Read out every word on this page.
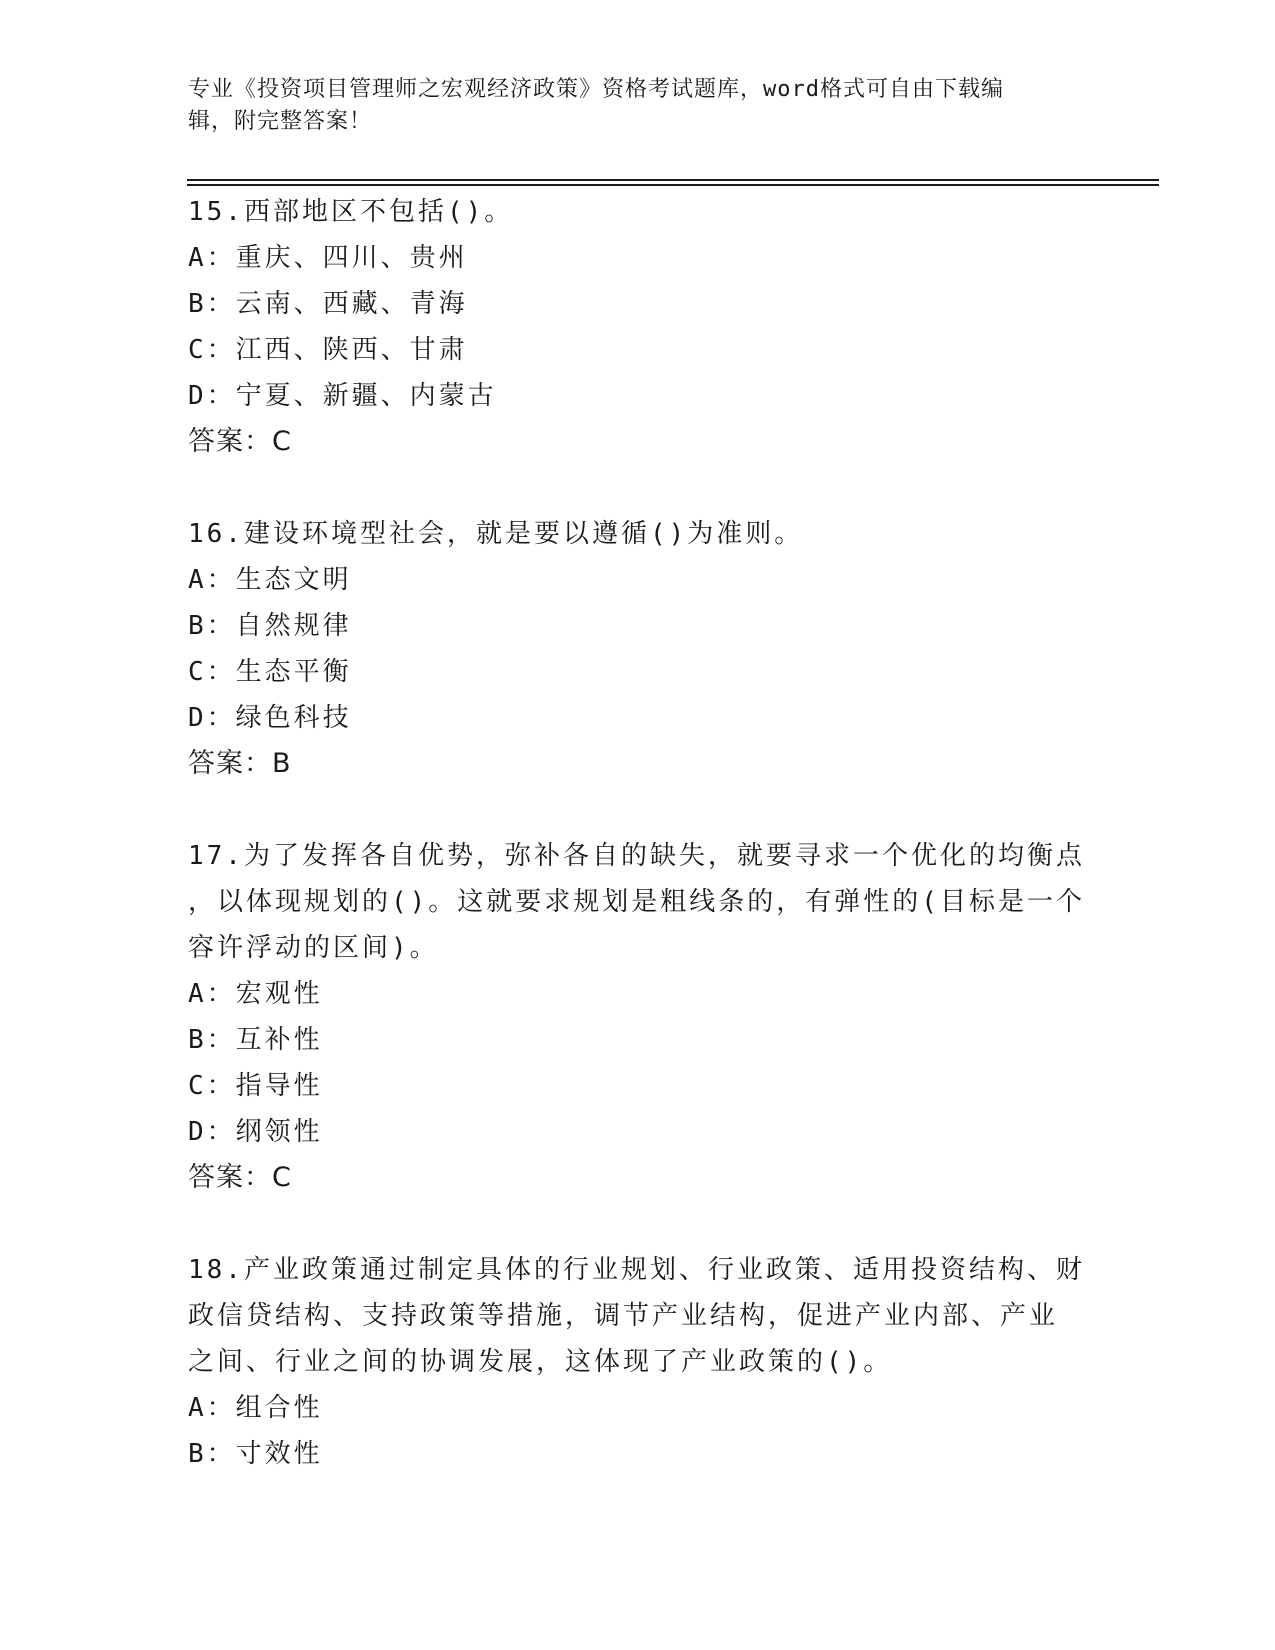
专业《投资项目管理师之宏观经济政策》资格考试题库，word格式可自由下载编
辑，附完整答案！
15.西部地区不包括()。
A：重庆、四川、贵州
B：云南、西藏、青海
C：江西、陕西、甘肃
D：宁夏、新疆、内蒙古
答案：C
16.建设环境型社会，就是要以遵循()为准则。
A：生态文明
B：自然规律
C：生态平衡
D：绿色科技
答案：B
17.为了发挥各自优势，弥补各自的缺失，就要寻求一个优化的均衡点
，以体现规划的()。这就要求规划是粗线条的，有弹性的(目标是一个
容许浮动的区间)。
A：宏观性
B：互补性
C：指导性
D：纲领性
答案：C
18.产业政策通过制定具体的行业规划、行业政策、适用投资结构、财
政信贷结构、支持政策等措施，调节产业结构，促进产业内部、产业
之间、行业之间的协调发展，这体现了产业政策的()。
A：组合性
B：寸效性
